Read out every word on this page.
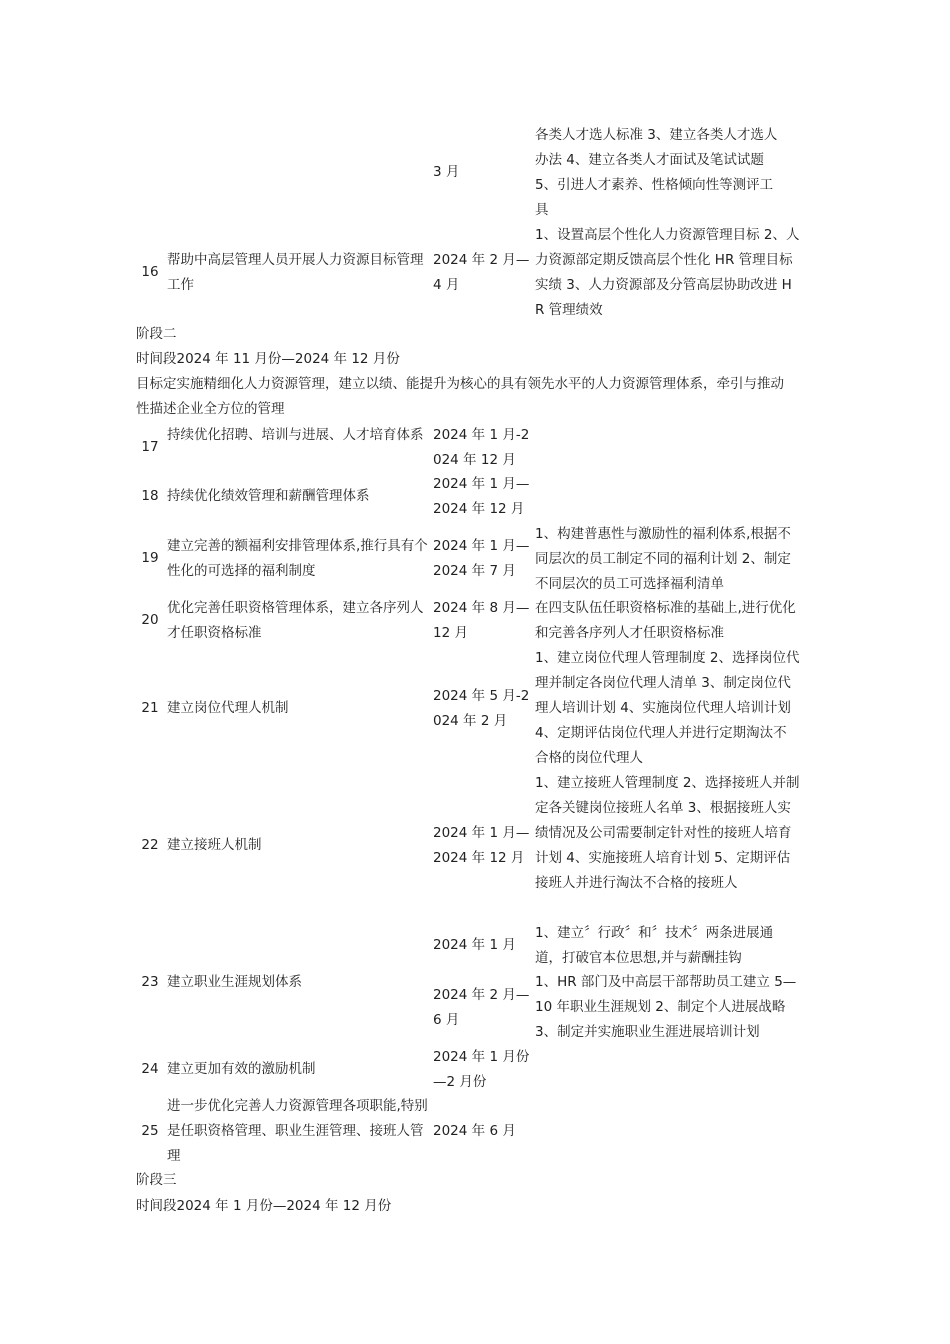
各类人才选人标准 3、建立各类人才选人
办法 4、建立各类人才面试及笔试试题
5、引进人才素养、性格倾向性等测评工
具
3 月
16
帮助中高层管理人员开展人力资源目标管理工作
2024 年 2 月—4 月
1、设置高层个性化人力资源管理目标 2、人力资源部定期反馈高层个性化 HR 管理目标实绩 3、人力资源部及分管高层协助改进 HR 管理绩效
阶段二
时间段2024 年 11 月份—2024 年 12 月份
目标定实施精细化人力资源管理，建立以绩、能提升为核心的具有领先水平的人力资源管理体系，牵引与推动
性描述企业全方位的管理
17
持续优化招聘、培训与进展、人才培育体系 2024 年 1 月-2024 年 12 月
18 持续优化绩效管理和薪酬管理体系
2024 年 1 月—2024 年 12 月
19
建立完善的额福利安排管理体系,推行具有个性化的可选择的福利制度
2024 年 1 月—2024 年 7 月
1、构建普惠性与激励性的福利体系,根据不同层次的员工制定不同的福利计划 2、制定不同层次的员工可选择福利清单
20
优化完善任职资格管理体系，建立各序列人才任职资格标准
2024 年 8 月—12 月
在四支队伍任职资格标准的基础上,进行优化和完善各序列人才任职资格标准
21 建立岗位代理人机制
2024 年 5 月-2024 年 2 月
1、建立岗位代理人管理制度 2、选择岗位代理并制定各岗位代理人清单 3、制定岗位代理人培训计划 4、实施岗位代理人培训计划 4、定期评估岗位代理人并进行定期淘汰不合格的岗位代理人
22 建立接班人机制
2024 年 1 月—2024 年 12 月
1、建立接班人管理制度 2、选择接班人并制定各关键岗位接班人名单 3、根据接班人实绩情况及公司需要制定针对性的接班人培育计划 4、实施接班人培育计划 5、定期评估接班人并进行淘汰不合格的接班人
23 建立职业生涯规划体系
2024 年 1 月
1、建立〞行政〞和〞技术〞两条进展通道，打破官本位思想,并与薪酬挂钩
2024 年 2 月—6 月
1、HR 部门及中高层干部帮助员工建立 5—10 年职业生涯规划 2、制定个人进展战略 3、制定并实施职业生涯进展培训计划
24 建立更加有效的激励机制
2024 年 1 月份—2 月份
25
进一步优化完善人力资源管理各项职能,特别是任职资格管理、职业生涯管理、接班人管理
2024 年 6 月
阶段三
时间段2024 年 1 月份—2024 年 12 月份
